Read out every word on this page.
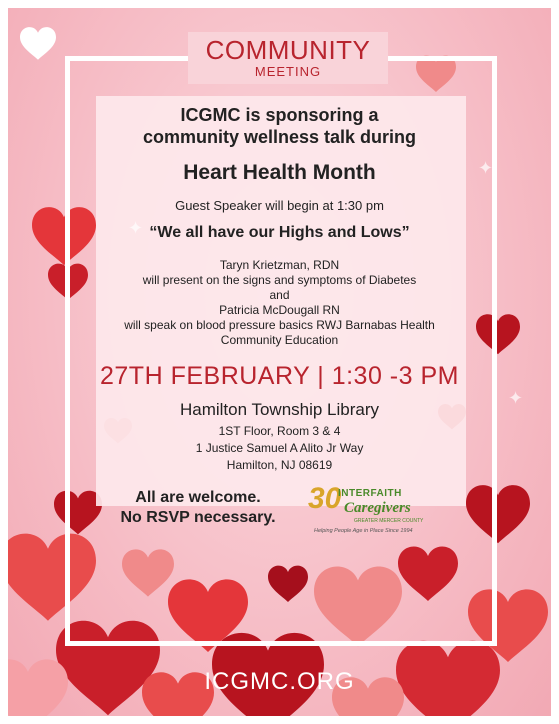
✦
✦
✦
COMMUNITY
MEETING
ICGMC is sponsoring a
community wellness talk during
Heart Health Month
Guest Speaker will begin at 1:30 pm
“We all have our Highs and Lows”
Taryn Krietzman, RDN
will present on the signs and symptoms of Diabetes
and
Patricia McDougall RN
will speak on blood pressure basics RWJ Barnabas Health
Community Education
27TH FEBRUARY | 1:30 -3 PM
Hamilton Township Library
1ST Floor, Room 3 & 4
1 Justice Samuel A Alito Jr Way
Hamilton, NJ 08619
All are welcome.
No RSVP necessary.
30
INTERFAITH
Caregivers
GREATER MERCER COUNTY
Helping People Age in Place Since 1994
ICGMC.ORG
